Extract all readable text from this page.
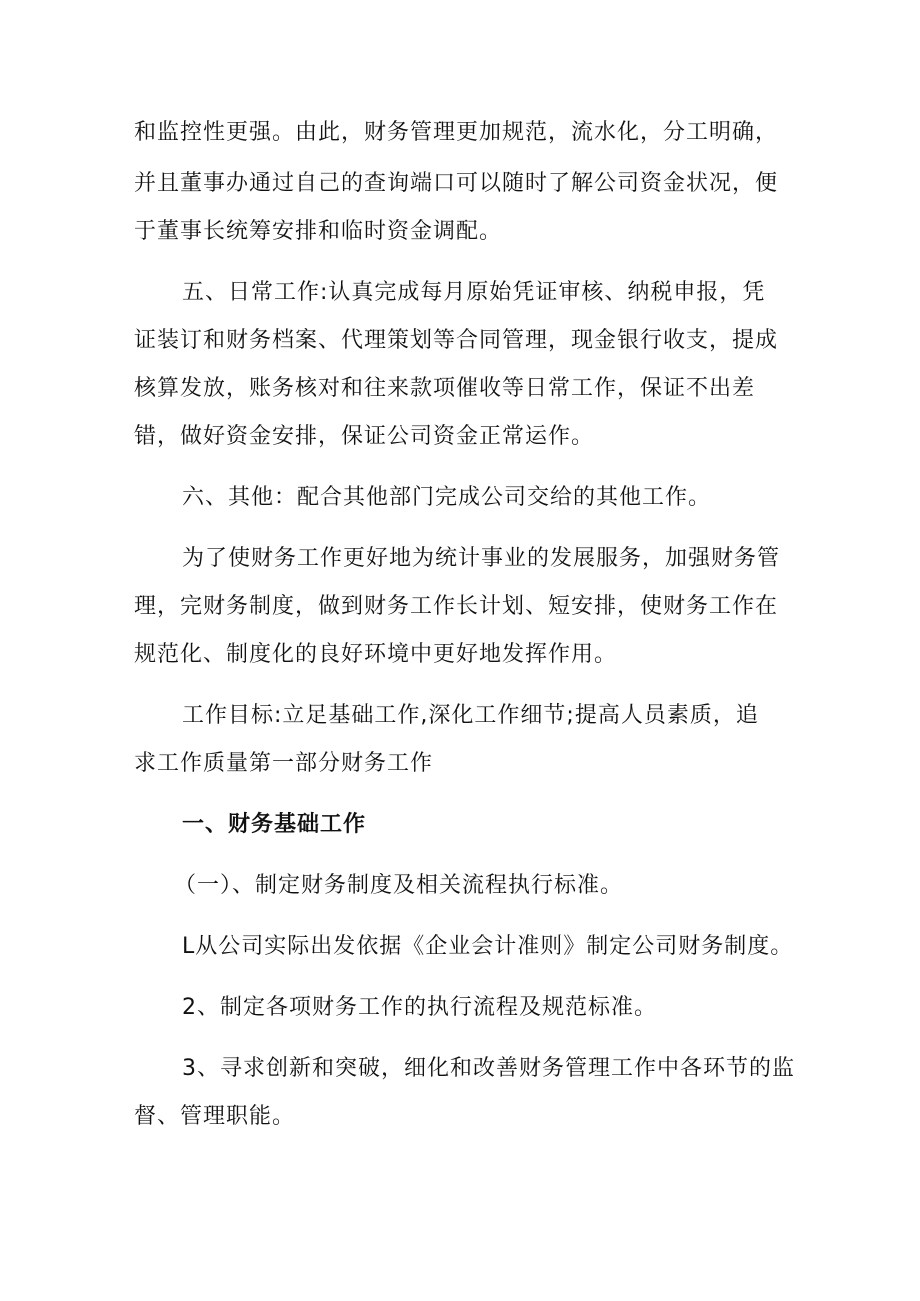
和监控性更强。由此，财务管理更加规范，流水化，分工明确，
并且董事办通过自己的查询端口可以随时了解公司资金状况，便
于董事长统筹安排和临时资金调配。
五、日常工作:认真完成每月原始凭证审核、纳税申报，凭
证装订和财务档案、代理策划等合同管理，现金银行收支，提成
核算发放，账务核对和往来款项催收等日常工作，保证不出差
错，做好资金安排，保证公司资金正常运作。
六、其他：配合其他部门完成公司交给的其他工作。
为了使财务工作更好地为统计事业的发展服务，加强财务管
理，完财务制度，做到财务工作长计划、短安排，使财务工作在
规范化、制度化的良好环境中更好地发挥作用。
工作目标:立足基础工作,深化工作细节;提高人员素质，追
求工作质量第一部分财务工作
一、财务基础工作
（一）、制定财务制度及相关流程执行标准。
L从公司实际出发依据《企业会计准则》制定公司财务制度。
2、制定各项财务工作的执行流程及规范标准。
3、寻求创新和突破，细化和改善财务管理工作中各环节的监
督、管理职能。
